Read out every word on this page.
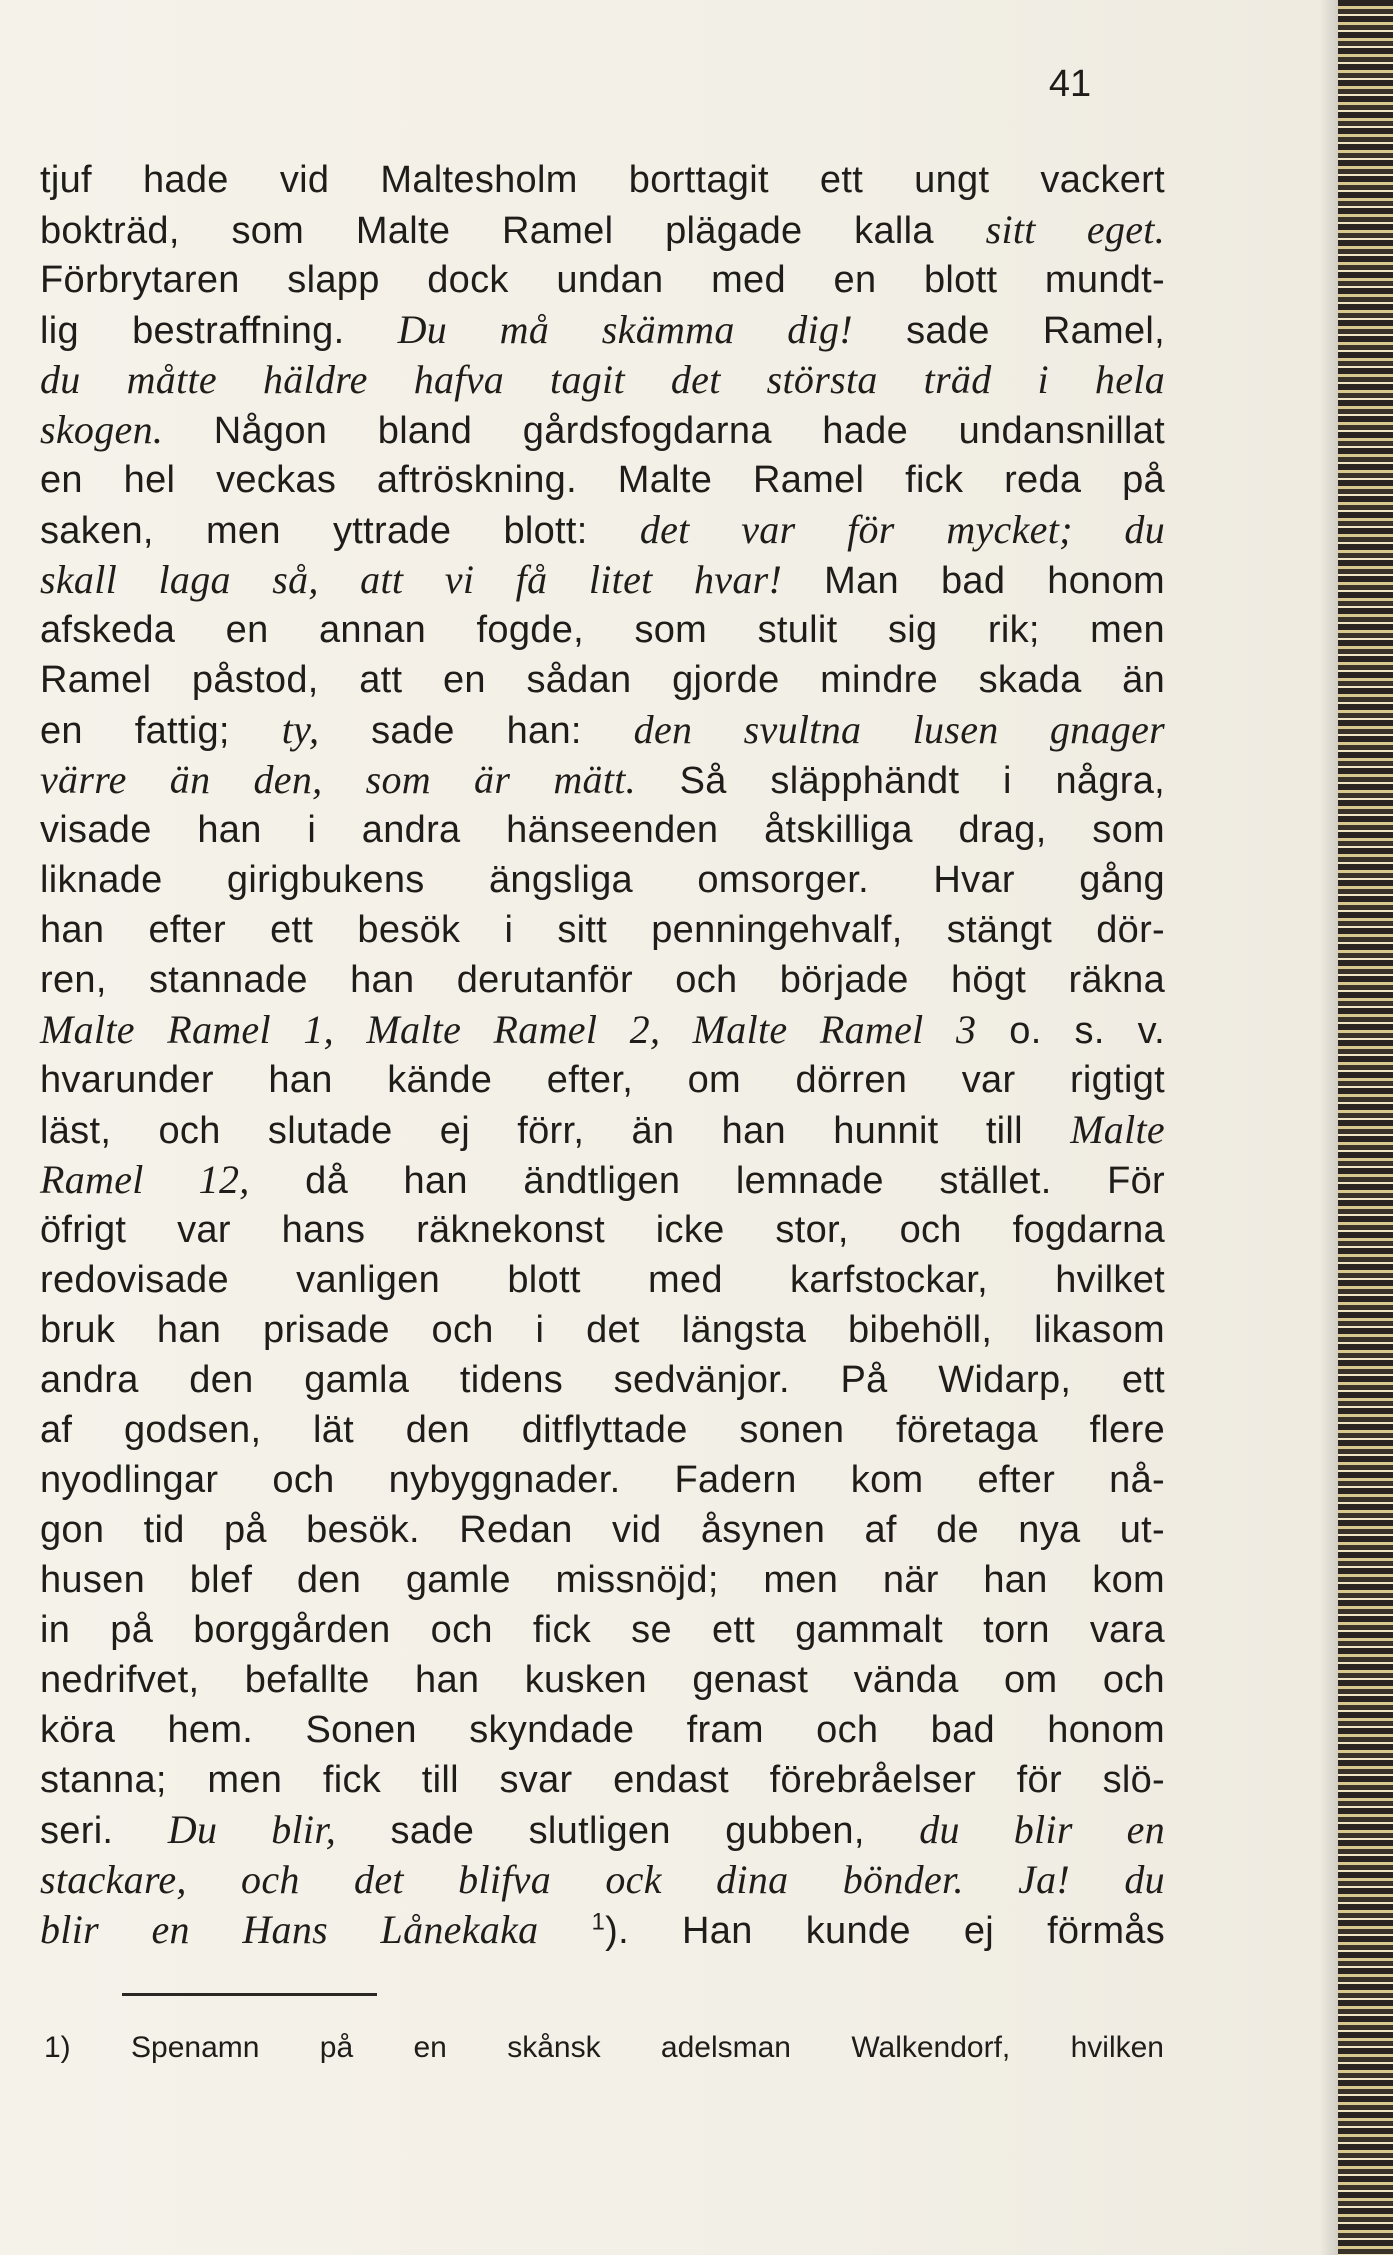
41
tjuf hade vid Maltesholm borttagit ett ungt vackert
bokträd, som Malte Ramel plägade kalla sitt eget.
Förbrytaren slapp dock undan med en blott mundt-
lig bestraffning. Du må skämma dig! sade Ramel,
du måtte häldre hafva tagit det största träd i hela
skogen. Någon bland gårdsfogdarna hade undansnillat
en hel veckas aftröskning. Malte Ramel fick reda på
saken, men yttrade blott: det var för mycket; du
skall laga så, att vi få litet hvar! Man bad honom
afskeda en annan fogde, som stulit sig rik; men
Ramel påstod, att en sådan gjorde mindre skada än
en fattig; ty, sade han: den svultna lusen gnager
värre än den, som är mätt. Så släpphändt i några,
visade han i andra hänseenden åtskilliga drag, som
liknade girigbukens ängsliga omsorger. Hvar gång
han efter ett besök i sitt penningehvalf, stängt dör-
ren, stannade han derutanför och började högt räkna
Malte Ramel 1, Malte Ramel 2, Malte Ramel 3 o. s. v.
hvarunder han kände efter, om dörren var rigtigt
läst, och slutade ej förr, än han hunnit till Malte
Ramel 12, då han ändtligen lemnade stället. För
öfrigt var hans räknekonst icke stor, och fogdarna
redovisade vanligen blott med karfstockar, hvilket
bruk han prisade och i det längsta bibehöll, likasom
andra den gamla tidens sedvänjor. På Widarp, ett
af godsen, lät den ditflyttade sonen företaga flere
nyodlingar och nybyggnader. Fadern kom efter nå-
gon tid på besök. Redan vid åsynen af de nya ut-
husen blef den gamle missnöjd; men när han kom
in på borggården och fick se ett gammalt torn vara
nedrifvet, befallte han kusken genast vända om och
köra hem. Sonen skyndade fram och bad honom
stanna; men fick till svar endast förebråelser för slö-
seri. Du blir, sade slutligen gubben, du blir en
stackare, och det blifva ock dina bönder. Ja! du
blir en Hans Lånekaka $^1$). Han kunde ej förmås
1) Spenamn på en skånsk adelsman Walkendorf, hvilken
